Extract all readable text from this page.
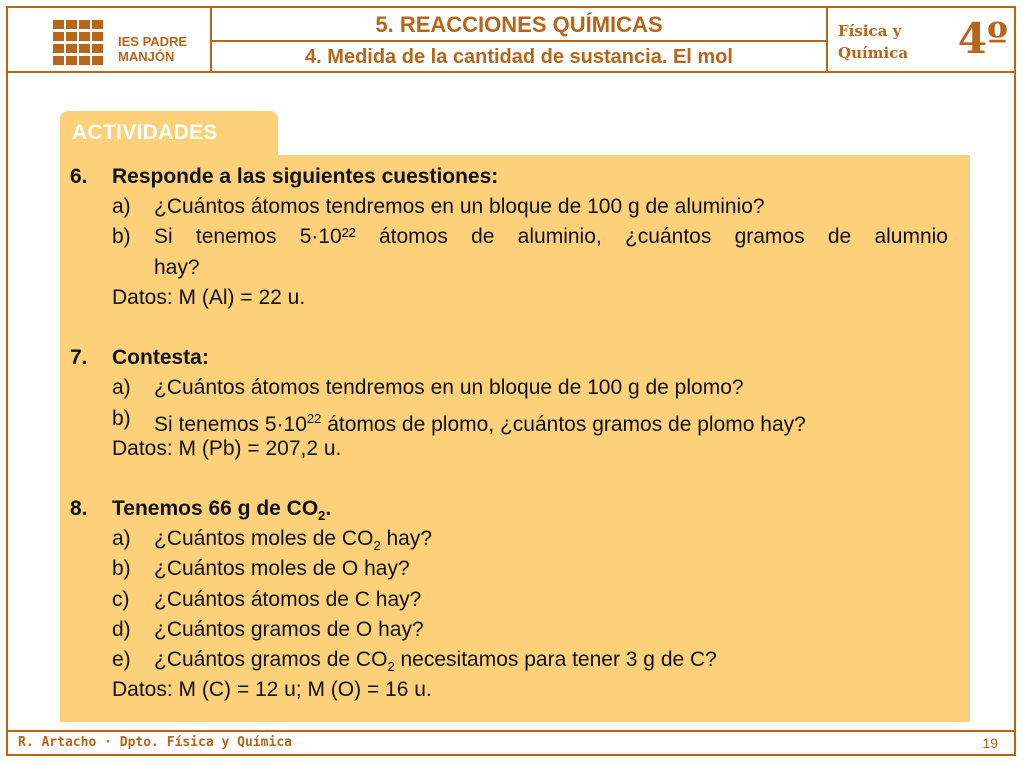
IES PADRE
MANJÓN
5. REACCIONES QUÍMICAS
4. Medida de la cantidad de sustancia. El mol
Física y
Química 4º
ACTIVIDADES
6. Responde a las siguientes cuestiones:
a) ¿Cuántos átomos tendremos en un bloque de 100 g de aluminio?
b) Si tenemos 5·10²² átomos de aluminio, ¿cuántos gramos de alumnio
hay?
Datos: M (Al) = 22 u.
7. Contesta:
a) ¿Cuántos átomos tendremos en un bloque de 100 g de plomo?
b) Si tenemos $5\cdot 10^{22}$ átomos de plomo, ¿cuántos gramos de plomo hay?
Datos: M (Pb) = 207,2 u.
8. Tenemos 66 g de $CO_2$.
a) ¿Cuántos moles de $CO_2$ hay?
b) ¿Cuántos moles de O hay?
c) ¿Cuántos átomos de C hay?
d) ¿Cuántos gramos de O hay?
e) ¿Cuántos gramos de $CO_2$ necesitamos para tener 3 g de C?
Datos: M (C) = 12 u; M (O) = 16 u.
R. Artacho · Dpto. Física y Química	19
